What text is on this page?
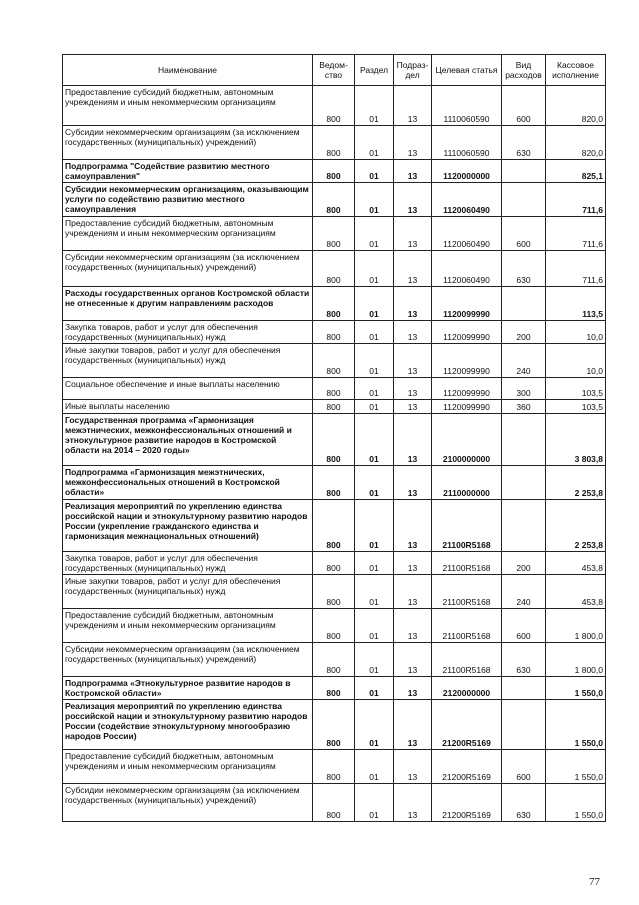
Наименование	Ведом-ство	Раздел	Подраз-дел	Целевая статья	Вид расходов	Кассовое исполнение
Предоставление субсидий бюджетным, автономным учреждениям и иным некоммерческим организациям	800	01	13	1110060590	600	820,0
Субсидии некоммерческим организациям (за исключением государственных (муниципальных) учреждений)	800	01	13	1110060590	630	820,0
Подпрограмма "Содействие развитию местного самоуправления"	800	01	13	1120000000		825,1
Субсидии некоммерческим организациям, оказывающим услуги по содействию развитию местного самоуправления	800	01	13	1120060490		711,6
Предоставление субсидий бюджетным, автономным учреждениям и иным некоммерческим организациям	800	01	13	1120060490	600	711,6
Субсидии некоммерческим организациям (за исключением государственных (муниципальных) учреждений)	800	01	13	1120060490	630	711,6
Расходы государственных органов Костромской области не отнесенные к другим направлениям расходов	800	01	13	1120099990		113,5
Закупка товаров, работ и услуг для обеспечения государственных (муниципальных) нужд	800	01	13	1120099990	200	10,0
Иные закупки товаров, работ и услуг для обеспечения государственных (муниципальных) нужд	800	01	13	1120099990	240	10,0
Социальное обеспечение и иные выплаты населению	800	01	13	1120099990	300	103,5
Иные выплаты населению	800	01	13	1120099990	360	103,5
Государственная программа «Гармонизация межэтнических, межконфессиональных отношений и этнокультурное развитие народов в Костромской области на 2014 – 2020 годы»	800	01	13	2100000000		3 803,8
Подпрограмма «Гармонизация межэтнических, межконфессиональных отношений в Костромской области»	800	01	13	2110000000		2 253,8
Реализация мероприятий по укреплению единства российской нации и этнокультурному развитию народов России (укрепление гражданского единства и гармонизация межнациональных отношений)	800	01	13	21100R5168		2 253,8
Закупка товаров, работ и услуг для обеспечения государственных (муниципальных) нужд	800	01	13	21100R5168	200	453,8
Иные закупки товаров, работ и услуг для обеспечения государственных (муниципальных) нужд	800	01	13	21100R5168	240	453,8
Предоставление субсидий бюджетным, автономным учреждениям и иным некоммерческим организациям	800	01	13	21100R5168	600	1 800,0
Субсидии некоммерческим организациям (за исключением государственных (муниципальных) учреждений)	800	01	13	21100R5168	630	1 800,0
Подпрограмма «Этнокультурное развитие народов в Костромской области»	800	01	13	2120000000		1 550,0
Реализация мероприятий по укреплению единства российской нации и этнокультурному развитию народов России (содействие этнокультурному многообразию народов России)	800	01	13	21200R5169		1 550,0
Предоставление субсидий бюджетным, автономным учреждениям и иным некоммерческим организациям	800	01	13	21200R5169	600	1 550,0
Субсидии некоммерческим организациям (за исключением государственных (муниципальных) учреждений)	800	01	13	21200R5169	630	1 550,0
77
